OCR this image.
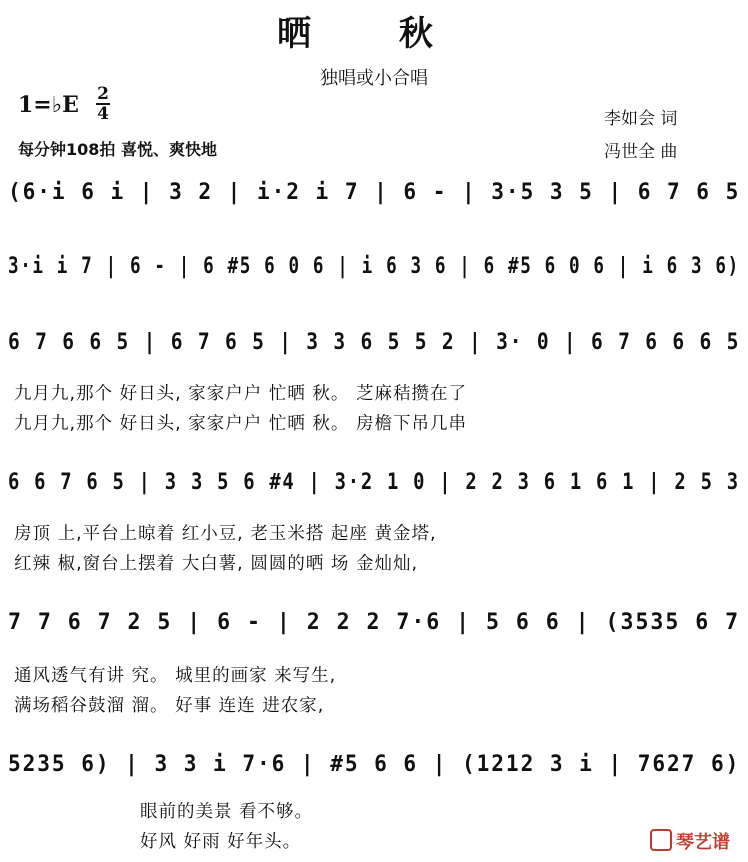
晒 秋
独唱或小合唱
1=♭E 2
4
每分钟108拍 喜悦、爽快地
李如会 词
冯世全 曲
(6·i 6 i | 3 2 | i·2 i 7 | 6 - | 3·5 3 5 | 6 7 6 5
3·i i 7 | 6 - | 6 #5 6 0 6 | i 6 3 6 | 6 #5 6 0 6 | i 6 3 6)
6 7 6 6 5 | 6 7 6 5 | 3 3 6 5 5 2 | 3· 0 | 6 7 6 6 6 5
九月九,那个 好日头, 家家户户 忙晒 秋。 芝麻秸攒在了
九月九,那个 好日头, 家家户户 忙晒 秋。 房檐下吊几串
6 6 7 6 5 | 3 3 5 6 #4 | 3·2 1 0 | 2 2 3 6 1 6 1 | 2 5 3
房顶 上,平台上晾着 红小豆, 老玉米搭 起座 黄金塔,
红辣 椒,窗台上摆着 大白薯, 圆圆的晒 场 金灿灿,
7 7 6 7 2 5 | 6 - | 2 2 2 7·6 | 5 6 6 | (3535 6 7
通风透气有讲 究。 城里的画家 来写生,
满场稻谷鼓溜 溜。 好事 连连 进农家,
5235 6) | 3 3 i 7·6 | #5 6 6 | (1212 3 i | 7627 6)
眼前的美景 看不够。
好风 好雨 好年头。	琴艺谱
